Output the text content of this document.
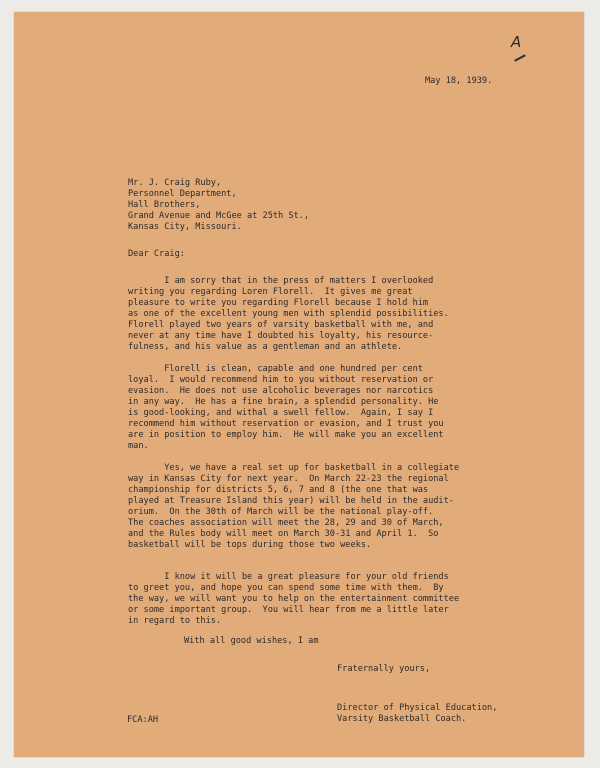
A
May 18, 1939.
Mr. J. Craig Ruby,
Personnel Department,
Hall Brothers,
Grand Avenue and McGee at 25th St.,
Kansas City, Missouri.
Dear Craig:
I am sorry that in the press of matters I overlooked
writing you regarding Loren Florell.  It gives me great
pleasure to write you regarding Florell because I hold him
as one of the excellent young men with splendid possibilities.
Florell played two years of varsity basketball with me, and
never at any time have I doubted his loyalty, his resource-
fulness, and his value as a gentleman and an athlete.
Florell is clean, capable and one hundred per cent
loyal.  I would recommend him to you without reservation or
evasion.  He does not use alcoholic beverages nor narcotics
in any way.  He has a fine brain, a splendid personality. He
is good-looking, and withal a swell fellow.  Again, I say I
recommend him without reservation or evasion, and I trust you
are in position to employ him.  He will make you an excellent
man.
Yes, we have a real set up for basketball in a collegiate
way in Kansas City for next year.  On March 22-23 the regional
championship for districts 5, 6, 7 and 8 (the one that was
played at Treasure Island this year) will be held in the audit-
orium.  On the 30th of March will be the national play-off.
The coaches association will meet the 28, 29 and 30 of March,
and the Rules body will meet on March 30-31 and April 1.  So
basketball will be tops during those two weeks.
I know it will be a great pleasure for your old friends
to greet you, and hope you can spend some time with them.  By
the way, we will want you to help on the entertainment committee
or some important group.  You will hear from me a little later
in regard to this.
With all good wishes, I am
Fraternally yours,
Director of Physical Education,
Varsity Basketball Coach.
FCA:AH
